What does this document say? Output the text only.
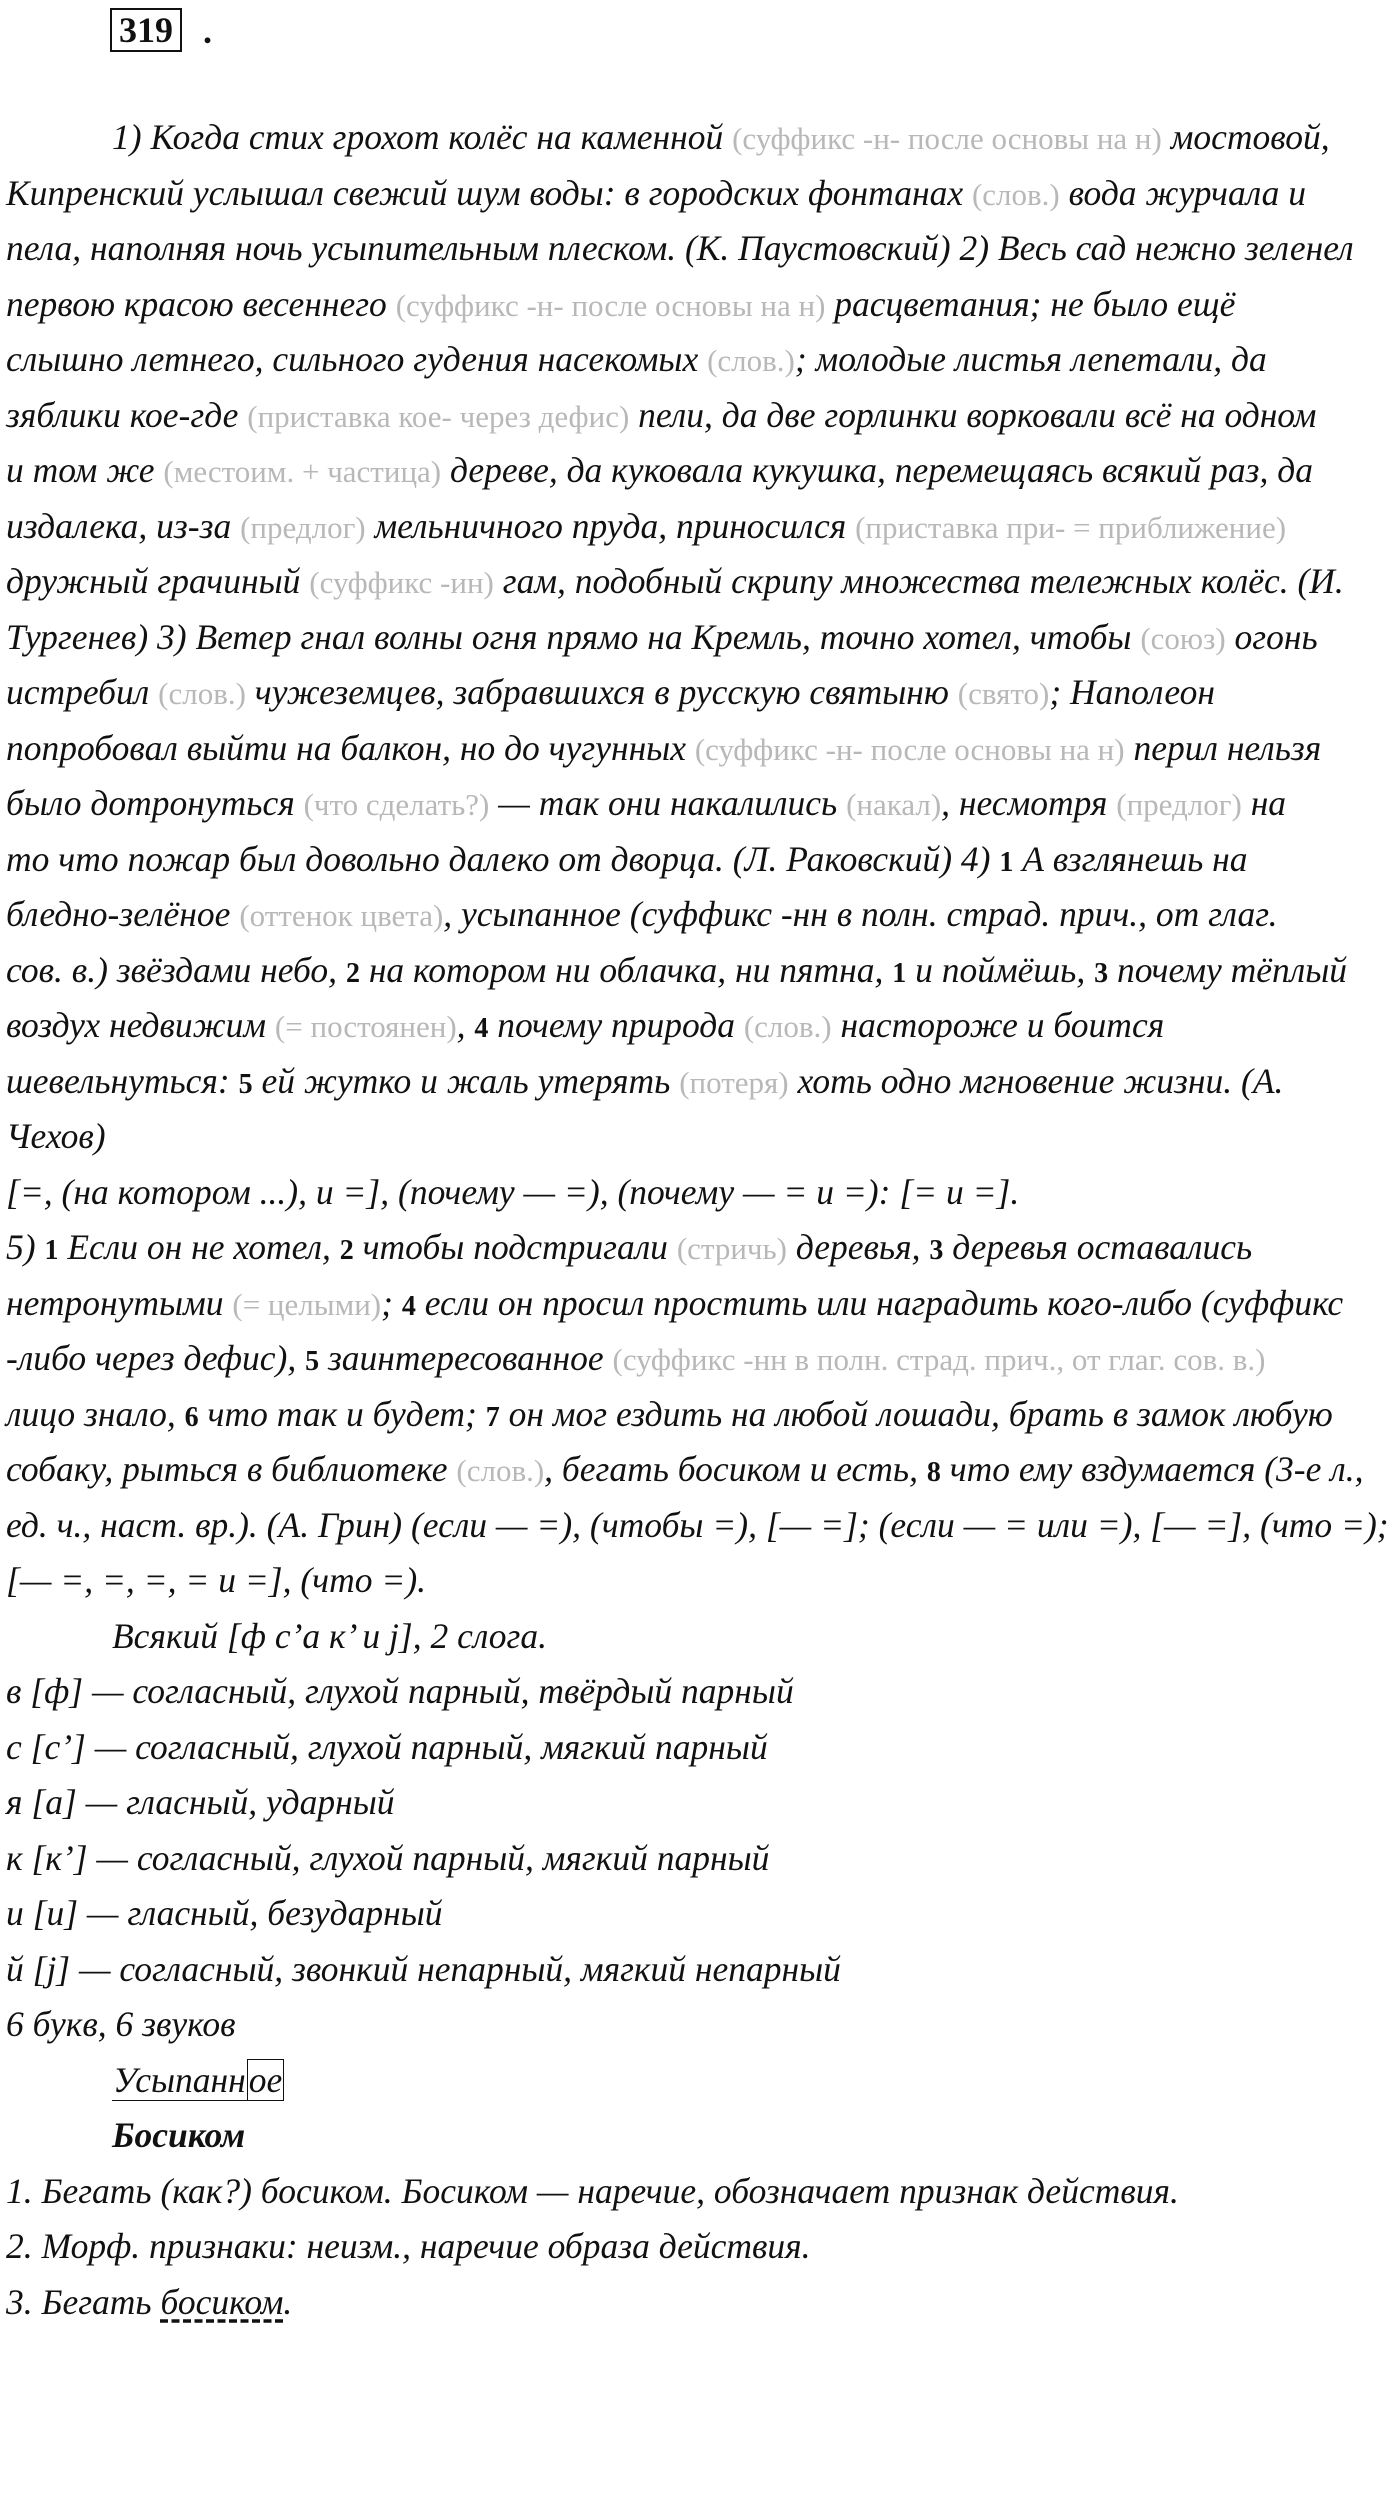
319 .
1) Когда стих грохот колёс на каменной (суффикс -н- после основы на н) мостовой,
Кипренский услышал свежий шум воды: в городских фонтанах (слов.) вода журчала и
пела, наполняя ночь усыпительным плеском. (К. Паустовский) 2) Весь сад нежно зеленел
первою красою весеннего (суффикс -н- после основы на н) расцветания; не было ещё
слышно летнего, сильного гудения насекомых (слов.); молодые листья лепетали, да
зяблики кое-где (приставка кое- через дефис) пели, да две горлинки ворковали всё на одном
и том же (местоим. + частица) дереве, да куковала кукушка, перемещаясь всякий раз, да
издалека, из-за (предлог) мельничного пруда, приносился (приставка при- = приближение)
дружный грачиный (суффикс -ин) гам, подобный скрипу множества тележных колёс. (И.
Тургенев) 3) Ветер гнал волны огня прямо на Кремль, точно хотел, чтобы (союз) огонь
истребил (слов.) чужеземцев, забравшихся в русскую святыню (свято); Наполеон
попробовал выйти на балкон, но до чугунных (суффикс -н- после основы на н) перил нельзя
было дотронуться (что сделать?) — так они накалились (накал), несмотря (предлог) на
то что пожар был довольно далеко от дворца. (Л. Раковский) 4) 1 А взглянешь на
бледно-зелёное (оттенок цвета), усыпанное (суффикс -нн в полн. страд. прич., от глаг.
сов. в.) звёздами небо, 2 на котором ни облачка, ни пятна, 1 и поймёшь, 3 почему тёплый
воздух недвижим (= постоянен), 4 почему природа (слов.) настороже и боится
шевельнуться: 5 ей жутко и жаль утерять (потеря) хоть одно мгновение жизни. (А.
Чехов)
[=, (на котором ...), и =], (почему — =), (почему — = и =): [= и =].
5) 1 Если он не хотел, 2 чтобы подстригали (стричь) деревья, 3 деревья оставались
нетронутыми (= целыми); 4 если он просил простить или наградить кого-либо (суффикс
-либо через дефис), 5 заинтересованное (суффикс -нн в полн. страд. прич., от глаг. сов. в.)
лицо знало, 6 что так и будет; 7 он мог ездить на любой лошади, брать в замок любую
собаку, рыться в библиотеке (слов.), бегать босиком и есть, 8 что ему вздумается (3-е л.,
ед. ч., наст. вр.). (А. Грин) (если — =), (чтобы =), [— =]; (если — = или =), [— =], (что =);
[— =, =, =, = и =], (что =).
Всякий [ф с’а к’ и j], 2 слога.
в [ф] — согласный, глухой парный, твёрдый парный
с [с’] — согласный, глухой парный, мягкий парный
я [а] — гласный, ударный
к [к’] — согласный, глухой парный, мягкий парный
и [и] — гласный, безударный
й [j] — согласный, звонкий непарный, мягкий непарный
6 букв, 6 звуков
Усыпанное
Босиком
1. Бегать (как?) босиком. Босиком — наречие, обозначает признак действия.
2. Морф. признаки: неизм., наречие образа действия.
3. Бегать босиком.
